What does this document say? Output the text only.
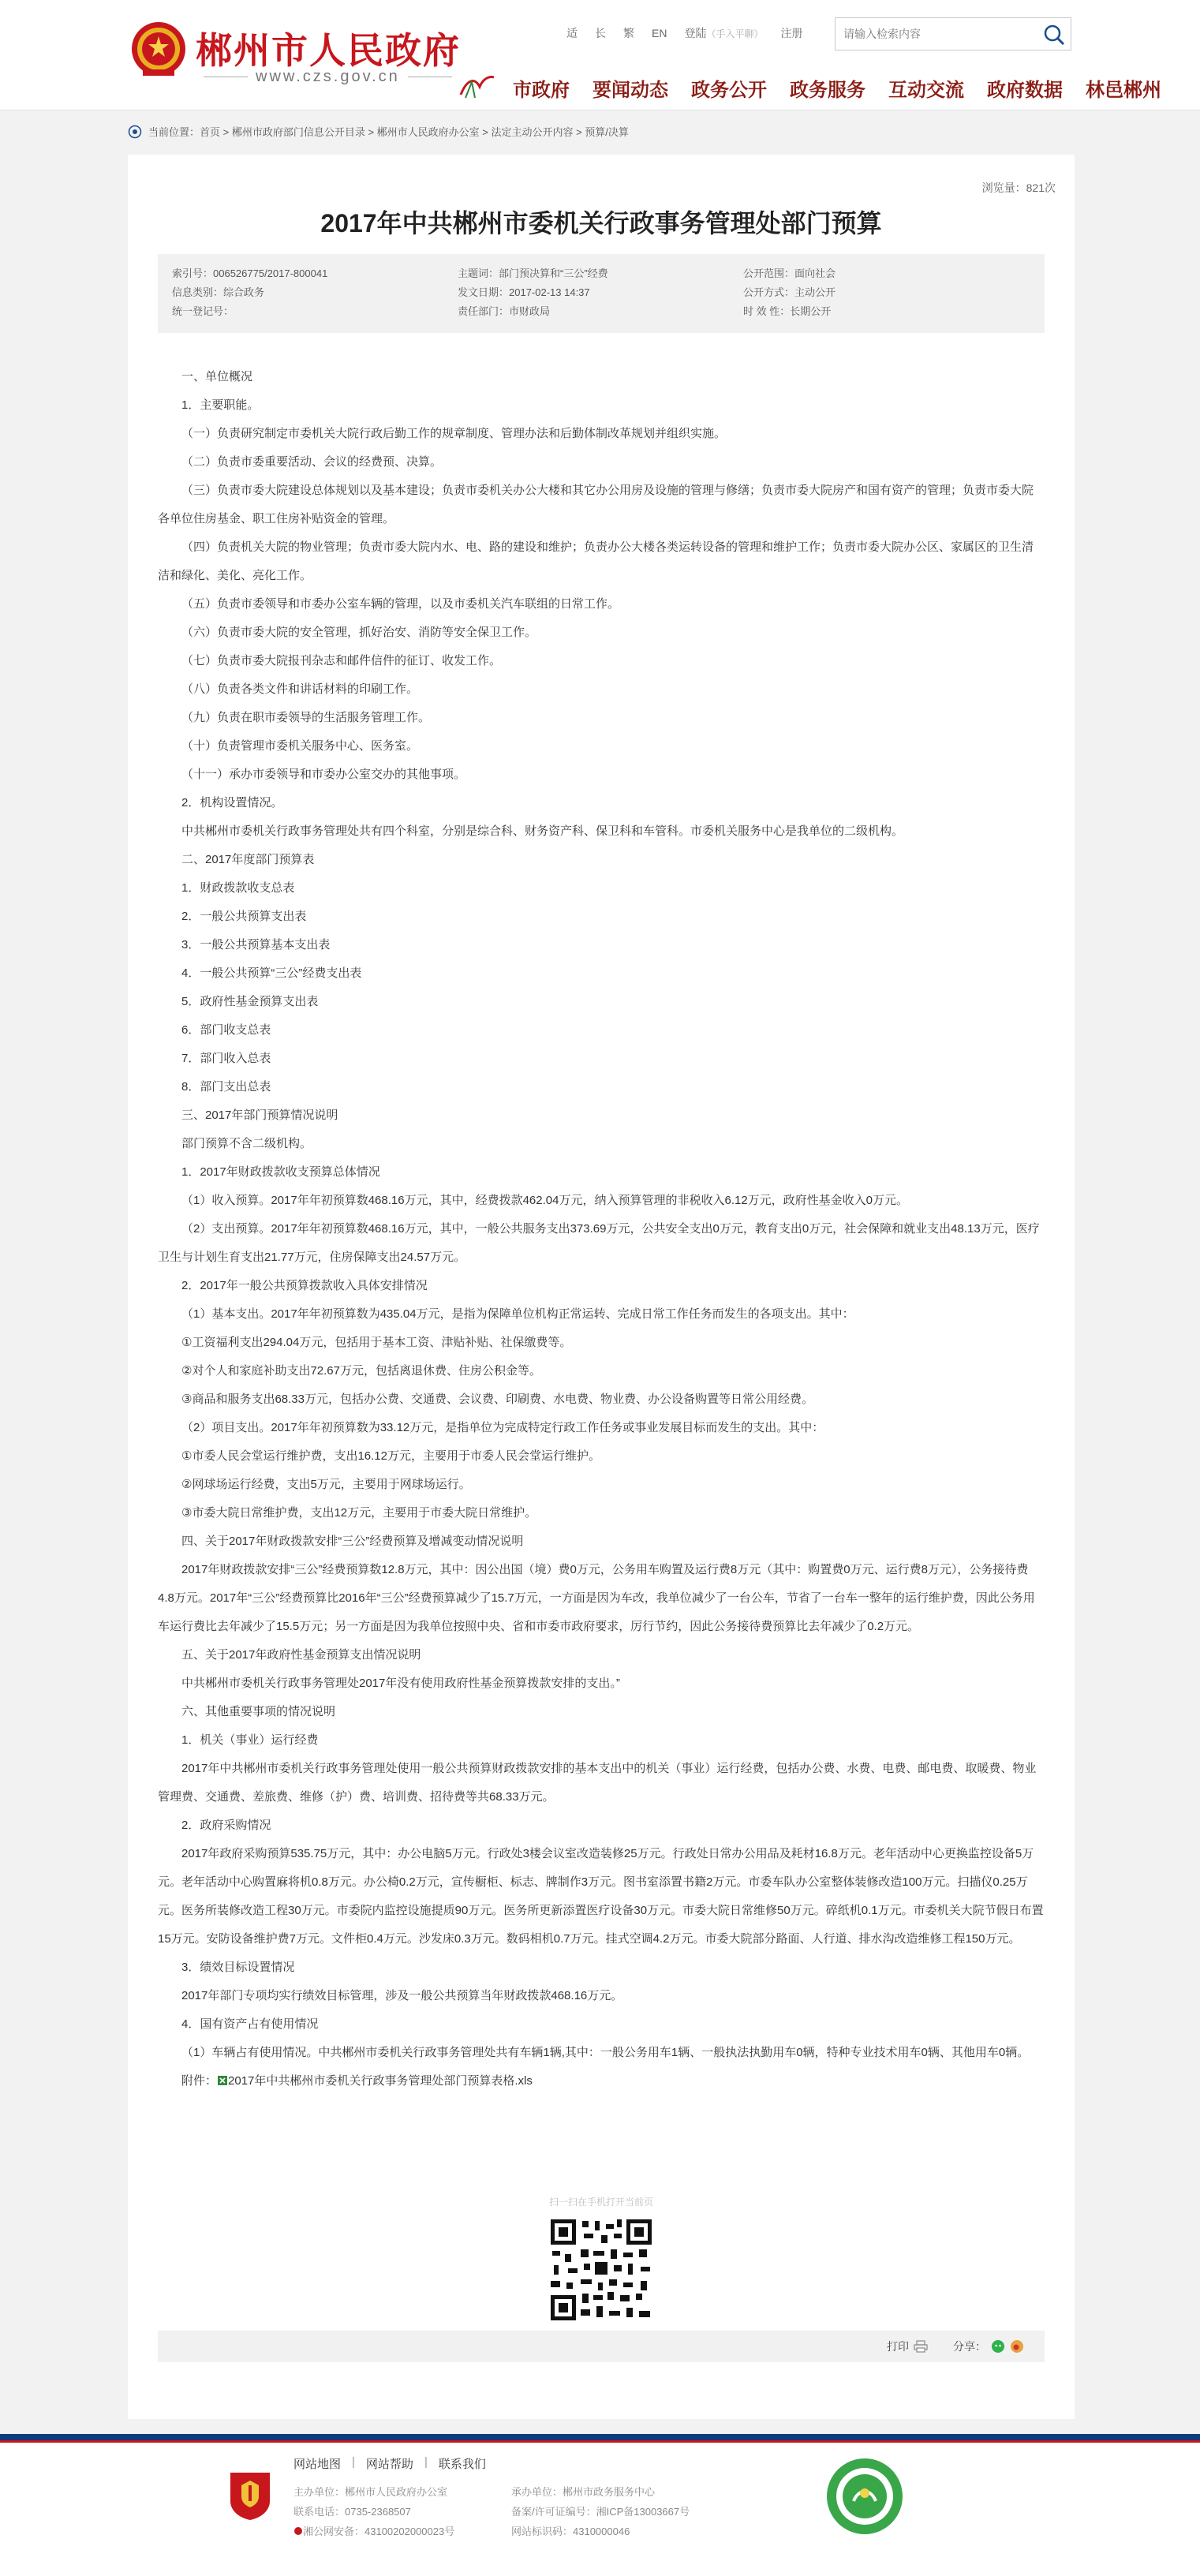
郴州市人民政府
www.czs.gov.cn
适 长 繁 EN 登陆（手入平聊） 注册
请输入检索内容
市政府 要闻动态 政务公开 政务服务 互动交流 政府数据 林邑郴州
当前位置： 首页 > 郴州市政府部门信息公开目录 > 郴州市人民政府办公室 > 法定主动公开内容 > 预算/决算
浏览量：821次
2017年中共郴州市委机关行政事务管理处部门预算
索引号：006526775/2017-800041	主题词：部门预决算和“三公”经费	公开范围：面向社会
信息类别：综合政务	发文日期：2017-02-13 14:37	公开方式：主动公开
统一登记号：	责任部门：市财政局	时 效 性：长期公开

一、单位概况

1．主要职能。

（一）负责研究制定市委机关大院行政后勤工作的规章制度、管理办法和后勤体制改革规划并组织实施。

（二）负责市委重要活动、会议的经费预、决算。

（三）负责市委大院建设总体规划以及基本建设；负责市委机关办公大楼和其它办公用房及设施的管理与修缮；负责市委大院房产和国有资产的管理；负责市委大院各单位住房基金、职工住房补贴资金的管理。

（四）负责机关大院的物业管理；负责市委大院内水、电、路的建设和维护；负责办公大楼各类运转设备的管理和维护工作；负责市委大院办公区、家属区的卫生清洁和绿化、美化、亮化工作。

（五）负责市委领导和市委办公室车辆的管理，以及市委机关汽车联组的日常工作。

（六）负责市委大院的安全管理，抓好治安、消防等安全保卫工作。

（七）负责市委大院报刊杂志和邮件信件的征订、收发工作。

（八）负责各类文件和讲话材料的印刷工作。

（九）负责在职市委领导的生活服务管理工作。

（十）负责管理市委机关服务中心、医务室。

（十一）承办市委领导和市委办公室交办的其他事项。

2．机构设置情况。

中共郴州市委机关行政事务管理处共有四个科室，分别是综合科、财务资产科、保卫科和车管科。市委机关服务中心是我单位的二级机构。

二、2017年度部门预算表

1．财政拨款收支总表

2．一般公共预算支出表

3．一般公共预算基本支出表

4．一般公共预算“三公”经费支出表

5．政府性基金预算支出表

6．部门收支总表

7．部门收入总表

8．部门支出总表

三、2017年部门预算情况说明

部门预算不含二级机构。

1．2017年财政拨款收支预算总体情况

（1）收入预算。2017年年初预算数468.16万元，其中，经费拨款462.04万元，纳入预算管理的非税收入6.12万元，政府性基金收入0万元。

（2）支出预算。2017年年初预算数468.16万元，其中，一般公共服务支出373.69万元，公共安全支出0万元，教育支出0万元，社会保障和就业支出48.13万元，医疗卫生与计划生育支出21.77万元，住房保障支出24.57万元。

2．2017年一般公共预算拨款收入具体安排情况

（1）基本支出。2017年年初预算数为435.04万元，是指为保障单位机构正常运转、完成日常工作任务而发生的各项支出。其中：

①工资福利支出294.04万元，包括用于基本工资、津贴补贴、社保缴费等。

②对个人和家庭补助支出72.67万元，包括离退休费、住房公积金等。

③商品和服务支出68.33万元，包括办公费、交通费、会议费、印刷费、水电费、物业费、办公设备购置等日常公用经费。

（2）项目支出。2017年年初预算数为33.12万元，是指单位为完成特定行政工作任务或事业发展目标而发生的支出。其中：

①市委人民会堂运行维护费，支出16.12万元，主要用于市委人民会堂运行维护。

②网球场运行经费，支出5万元，主要用于网球场运行。

③市委大院日常维护费，支出12万元，主要用于市委大院日常维护。

四、关于2017年财政拨款安排“三公”经费预算及增减变动情况说明

2017年财政拨款安排“三公”经费预算数12.8万元，其中：因公出国（境）费0万元，公务用车购置及运行费8万元（其中：购置费0万元、运行费8万元），公务接待费4.8万元。2017年“三公”经费预算比2016年“三公”经费预算减少了15.7万元，一方面是因为车改，我单位减少了一台公车，节省了一台车一整年的运行维护费，因此公务用车运行费比去年减少了15.5万元；另一方面是因为我单位按照中央、省和市委市政府要求，厉行节约，因此公务接待费预算比去年减少了0.2万元。

五、关于2017年政府性基金预算支出情况说明

中共郴州市委机关行政事务管理处2017年没有使用政府性基金预算拨款安排的支出。”

六、其他重要事项的情况说明

1．机关（事业）运行经费

2017年中共郴州市委机关行政事务管理处使用一般公共预算财政拨款安排的基本支出中的机关（事业）运行经费，包括办公费、水费、电费、邮电费、取暖费、物业管理费、交通费、差旅费、维修（护）费、培训费、招待费等共68.33万元。

2．政府采购情况

2017年政府采购预算535.75万元，其中：办公电脑5万元。行政处3楼会议室改造装修25万元。行政处日常办公用品及耗材16.8万元。老年活动中心更换监控设备5万元。老年活动中心购置麻将机0.8万元。办公椅0.2万元，宣传橱柜、标志、牌制作3万元。图书室添置书籍2万元。市委车队办公室整体装修改造100万元。扫描仪0.25万元。医务所装修改造工程30万元。市委院内监控设施提质90万元。医务所更新添置医疗设备30万元。市委大院日常维修50万元。碎纸机0.1万元。市委机关大院节假日布置15万元。安防设备维护费7万元。文件柜0.4万元。沙发床0.3万元。数码相机0.7万元。挂式空调4.2万元。市委大院部分路面、人行道、排水沟改造维修工程150万元。

3．绩效目标设置情况

2017年部门专项均实行绩效目标管理，涉及一般公共预算当年财政拨款468.16万元。

4．国有资产占有使用情况

（1）车辆占有使用情况。中共郴州市委机关行政事务管理处共有车辆1辆,其中：一般公务用车1辆、一般执法执勤用车0辆，特种专业技术用车0辆、其他用车0辆。

附件： 2017年中共郴州市委机关行政事务管理处部门预算表格.xls

扫一扫在手机打开当前页
打印	分享：
网站地图 | 网站帮助 | 联系我们
主办单位：郴州市人民政府办公室
联系电话：0735-2368507
湘公网安备：43100202000023号
承办单位：郴州市政务服务中心
备案/许可证编号：湘ICP备13003667号
网站标识码：4310000046
